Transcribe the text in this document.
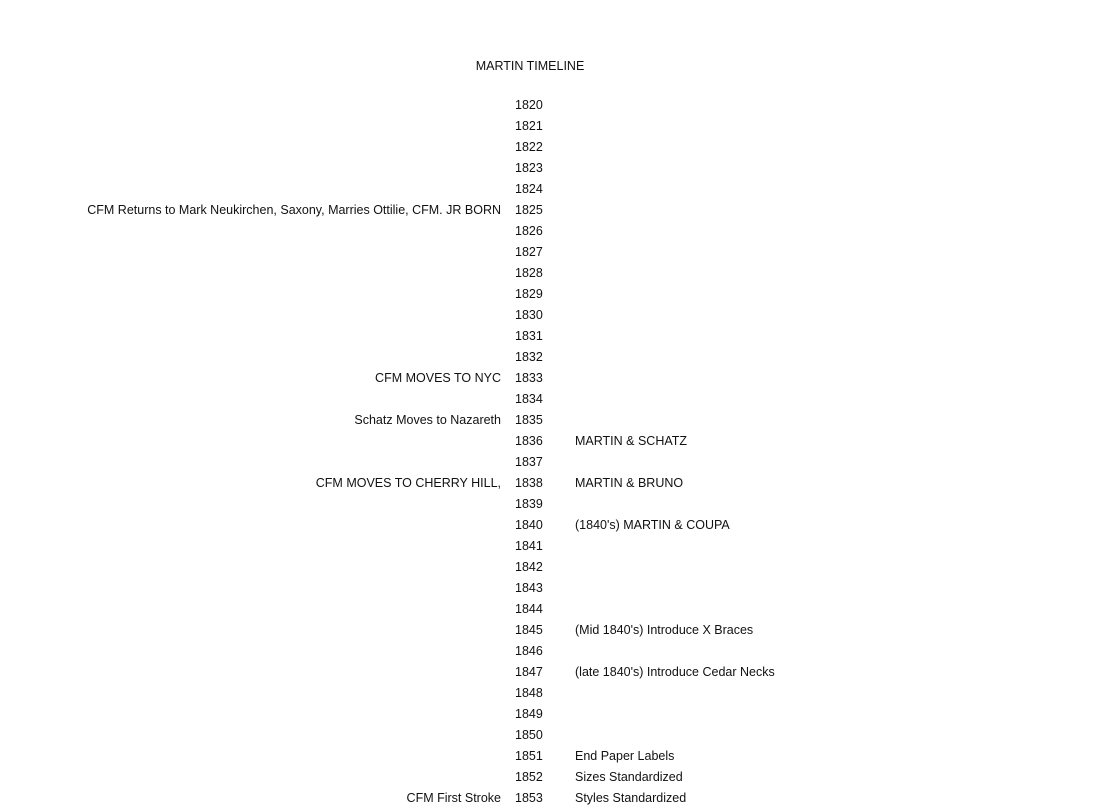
MARTIN TIMELINE
1820
1821
1822
1823
1824
CFM Returns to Mark Neukirchen, Saxony, Marries Ottilie, CFM. JR BORN 1825
1826
1827
1828
1829
1830
1831
1832
CFM MOVES TO NYC 1833
1834
Schatz Moves to Nazareth 1835
1836	MARTIN & SCHATZ
1837
CFM MOVES TO CHERRY HILL, 1838	MARTIN & BRUNO
1839
1840	(1840's) MARTIN & COUPA
1841
1842
1843
1844
1845	(Mid 1840's) Introduce X Braces
1846
1847	(late 1840's) Introduce Cedar Necks
1848
1849
1850
1851	End Paper Labels
1852	Sizes Standardized
CFM First Stroke 1853	Styles Standardized
